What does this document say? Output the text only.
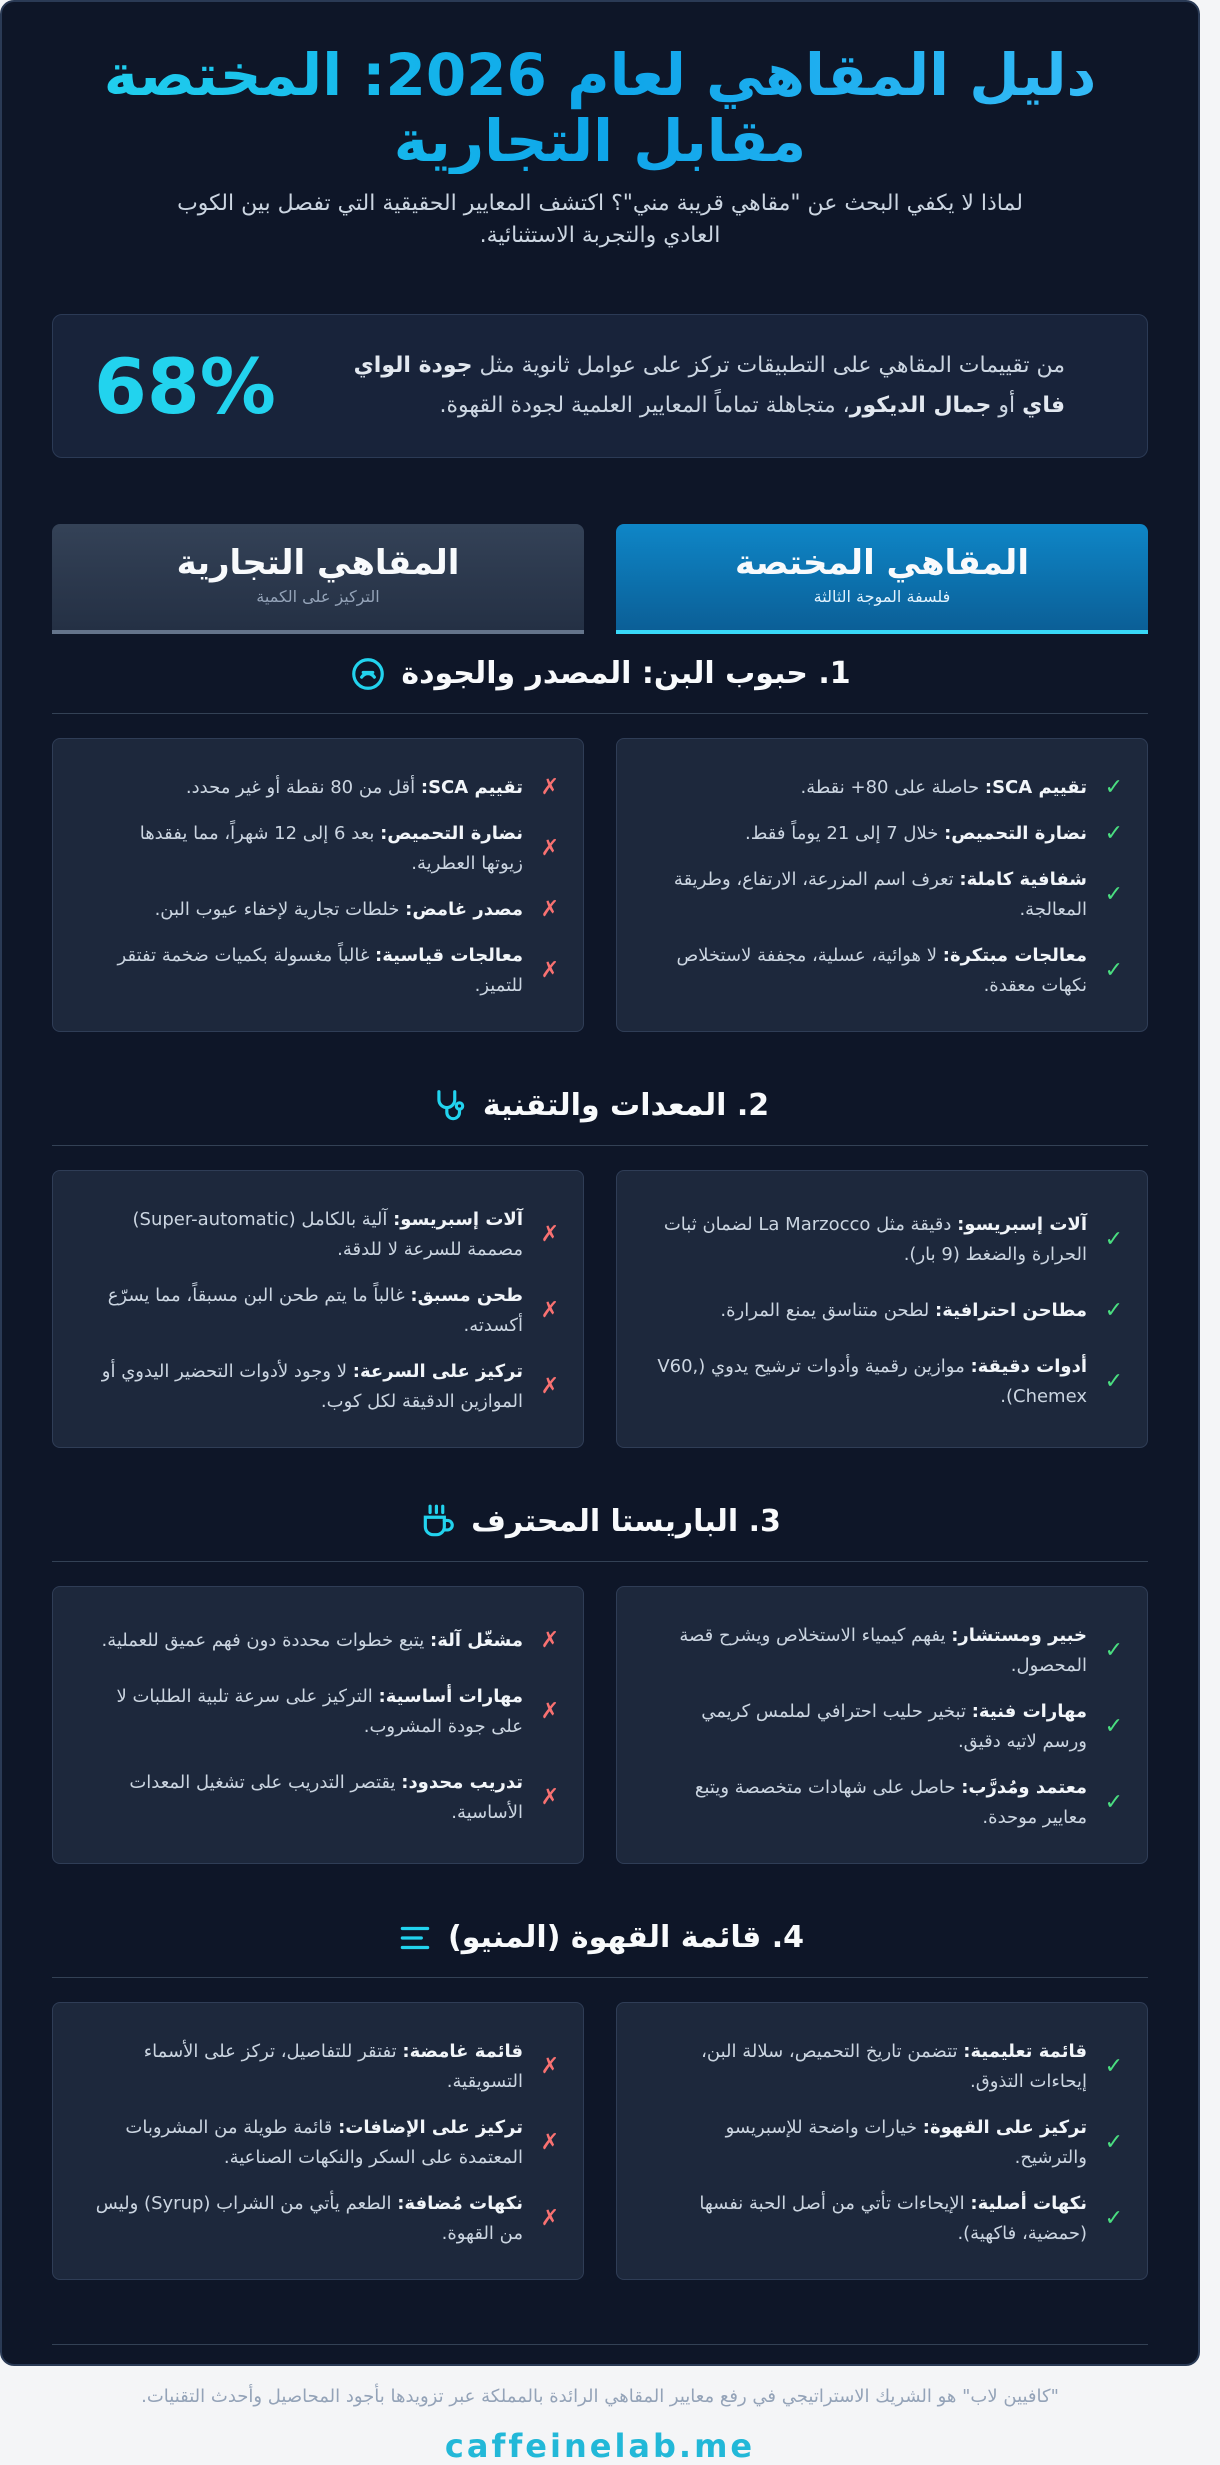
دليل المقاهي لعام 2026: المختصة مقابل التجارية

لماذا لا يكفي البحث عن "مقاهي قريبة مني"؟ اكتشف المعايير الحقيقية التي تفصل بين الكوب العادي والتجربة الاستثنائية.

من تقييمات المقاهي على التطبيقات تركز على عوامل ثانوية مثل جودة الواي فاي أو جمال الديكور، متجاهلة تماماً المعايير العلمية لجودة القهوة.
68%
المقاهي المختصة
فلسفة الموجة الثالثة
المقاهي التجارية
التركيز على الكمية
1. حبوب البن: المصدر والجودة
✓
تقييم SCA: حاصلة على 80+ نقطة.
✓
نضارة التحميص: خلال 7 إلى 21 يوماً فقط.
✓
شفافية كاملة: تعرف اسم المزرعة، الارتفاع، وطريقة المعالجة.
✓
معالجات مبتكرة: لا هوائية، عسلية، مجففة لاستخلاص نكهات معقدة.
✗
تقييم SCA: أقل من 80 نقطة أو غير محدد.
✗
نضارة التحميص: بعد 6 إلى 12 شهراً، مما يفقدها زيوتها العطرية.
✗
مصدر غامض: خلطات تجارية لإخفاء عيوب البن.
✗
معالجات قياسية: غالباً مغسولة بكميات ضخمة تفتقر للتميز.
2. المعدات والتقنية
✓
آلات إسبريسو: دقيقة مثل La Marzocco لضمان ثبات الحرارة والضغط (9 بار).
✓
مطاحن احترافية: لطحن متناسق يمنع المرارة.
✓
أدوات دقيقة: موازين رقمية وأدوات ترشيح يدوي (V60, Chemex).
✗
آلات إسبريسو: آلية بالكامل (Super-automatic) مصممة للسرعة لا للدقة.
✗
طحن مسبق: غالباً ما يتم طحن البن مسبقاً، مما يسرّع أكسدته.
✗
تركيز على السرعة: لا وجود لأدوات التحضير اليدوي أو الموازين الدقيقة لكل كوب.
3. الباريستا المحترف
✓
خبير ومستشار: يفهم كيمياء الاستخلاص ويشرح قصة المحصول.
✓
مهارات فنية: تبخير حليب احترافي لملمس كريمي ورسم لاتيه دقيق.
✓
معتمد ومُدرَّب: حاصل على شهادات متخصصة ويتبع معايير موحدة.
✗
مشغّل آلة: يتبع خطوات محددة دون فهم عميق للعملية.
✗
مهارات أساسية: التركيز على سرعة تلبية الطلبات لا على جودة المشروب.
✗
تدريب محدود: يقتصر التدريب على تشغيل المعدات الأساسية.
4. قائمة القهوة (المنيو)
✓
قائمة تعليمية: تتضمن تاريخ التحميص، سلالة البن، إيحاءات التذوق.
✓
تركيز على القهوة: خيارات واضحة للإسبريسو والترشيح.
✓
نكهات أصلية: الإيحاءات تأتي من أصل الحبة نفسها (حمضية، فاكهية).
✗
قائمة غامضة: تفتقر للتفاصيل، تركز على الأسماء التسويقية.
✗
تركيز على الإضافات: قائمة طويلة من المشروبات المعتمدة على السكر والنكهات الصناعية.
✗
نكهات مُضافة: الطعم يأتي من الشراب (Syrup) وليس من القهوة.
"كافيين لاب" هو الشريك الاستراتيجي في رفع معايير المقاهي الرائدة بالمملكة عبر تزويدها بأجود المحاصيل وأحدث التقنيات.
caffeinelab.me
